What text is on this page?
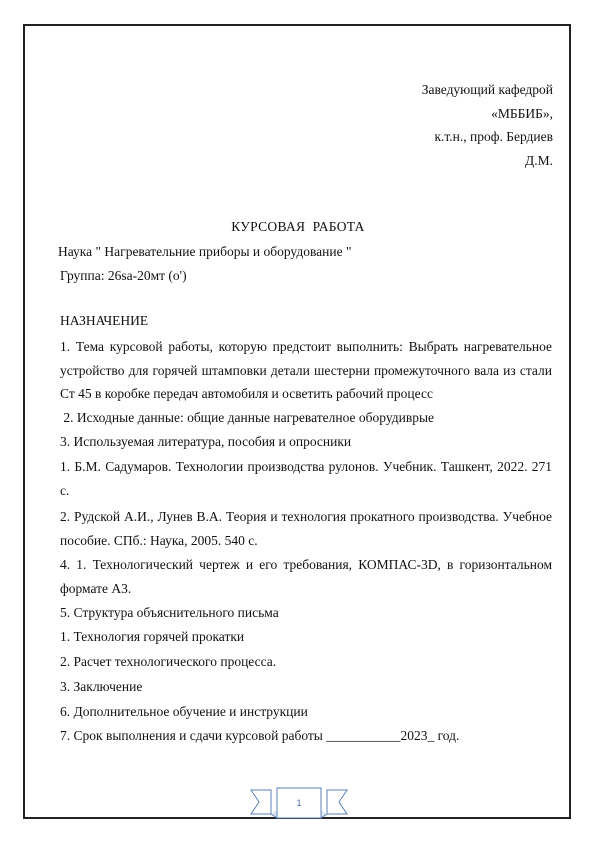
Заведующий кафедрой
«МББИБ»,
к.т.н., проф. Бердиев
Д.М.
КУРСОВАЯ  РАБОТА
Наука " Нагревательние приборы и оборудование "
Группа: 26sa-20мт (o')
НАЗНАЧЕНИЕ
1. Тема курсовой работы, которую предстоит выполнить: Выбрать нагревательное устройство для горячей штамповки детали шестерни промежуточного вала из стали Ст 45 в коробке передач автомобиля и осветить рабочий процесс
2. Исходные данные: общие данные нагревателное оборудиврые
3. Используемая литература, пособия и опросники
1. Б.М. Садумаров. Технологии производства рулонов. Учебник. Ташкент, 2022. 271 с.
2. Рудской А.И., Лунев В.А. Теория и технология прокатного производства. Учебное пособие. СПб.: Наука, 2005. 540 с.
4. 1. Технологический чертеж и его требования, КОМПАС-3D, в горизонтальном формате А3.
5. Структура объяснительного письма
1. Технология горячей прокатки
2. Расчет технологического процесса.
3. Заключение
6. Дополнительное обучение и инструкции
7. Срок выполнения и сдачи курсовой работы ___________2023_ год.
1
